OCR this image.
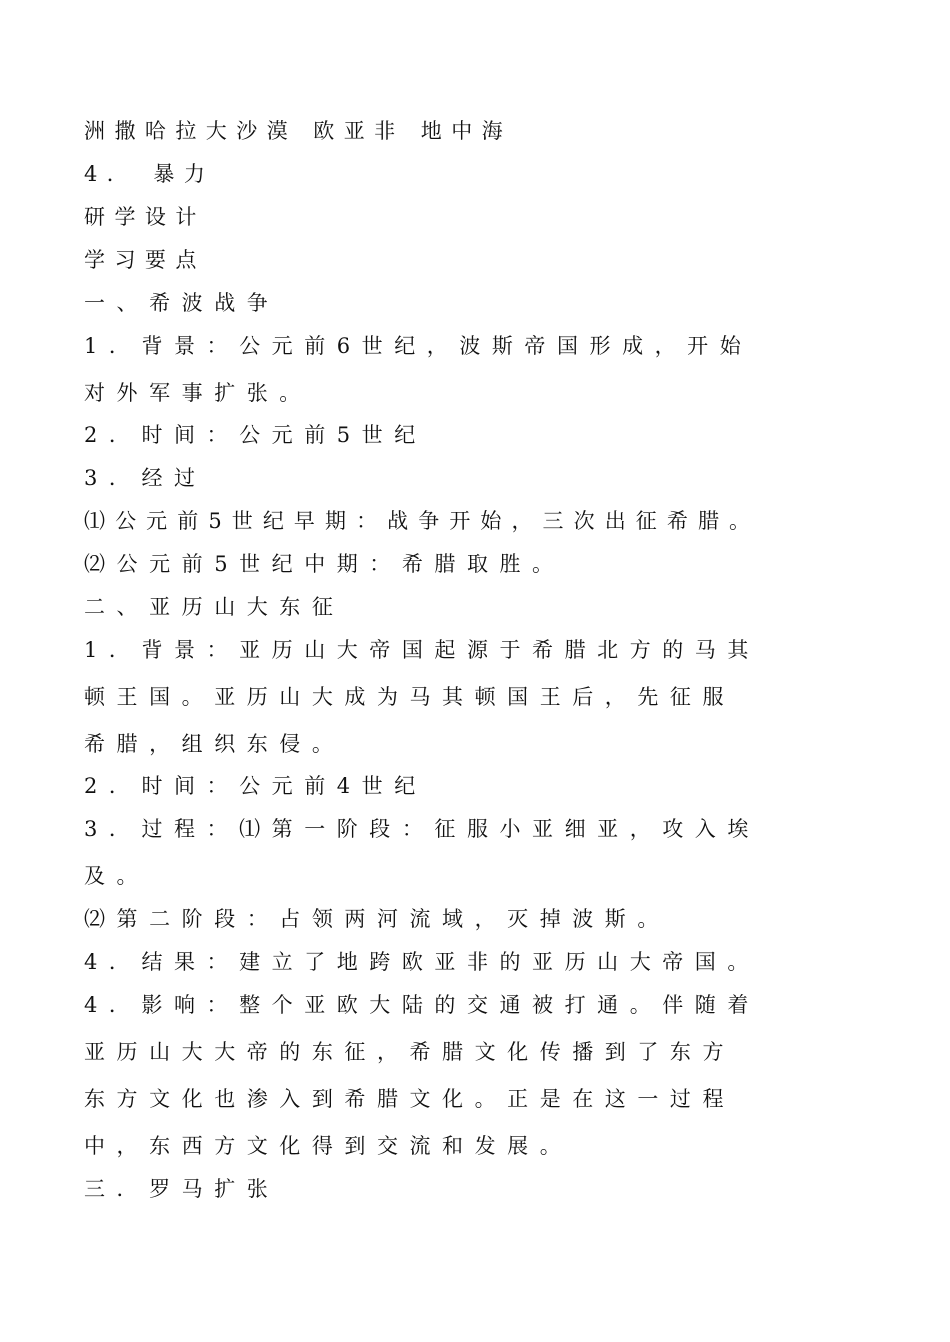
洲撒哈拉大沙漠 欧亚非 地中海
4． 暴力
研学设计
学习要点
一、希波战争
1．背景：公元前6世纪，波斯帝国形成，开始
对外军事扩张。
2．时间：公元前5世纪
3．经过
⑴公元前5世纪早期：战争开始，三次出征希腊。
⑵公元前5世纪中期：希腊取胜。
二、亚历山大东征
1．背景：亚历山大帝国起源于希腊北方的马其
顿王国。亚历山大成为马其顿国王后，先征服
希腊，组织东侵。
2．时间：公元前4世纪
3．过程：⑴第一阶段：征服小亚细亚，攻入埃
及。
⑵第二阶段：占领两河流域，灭掉波斯。
4．结果：建立了地跨欧亚非的亚历山大帝国。
4．影响：整个亚欧大陆的交通被打通。伴随着
亚历山大大帝的东征，希腊文化传播到了东方
东方文化也渗入到希腊文化。正是在这一过程
中，东西方文化得到交流和发展。
三．罗马扩张
